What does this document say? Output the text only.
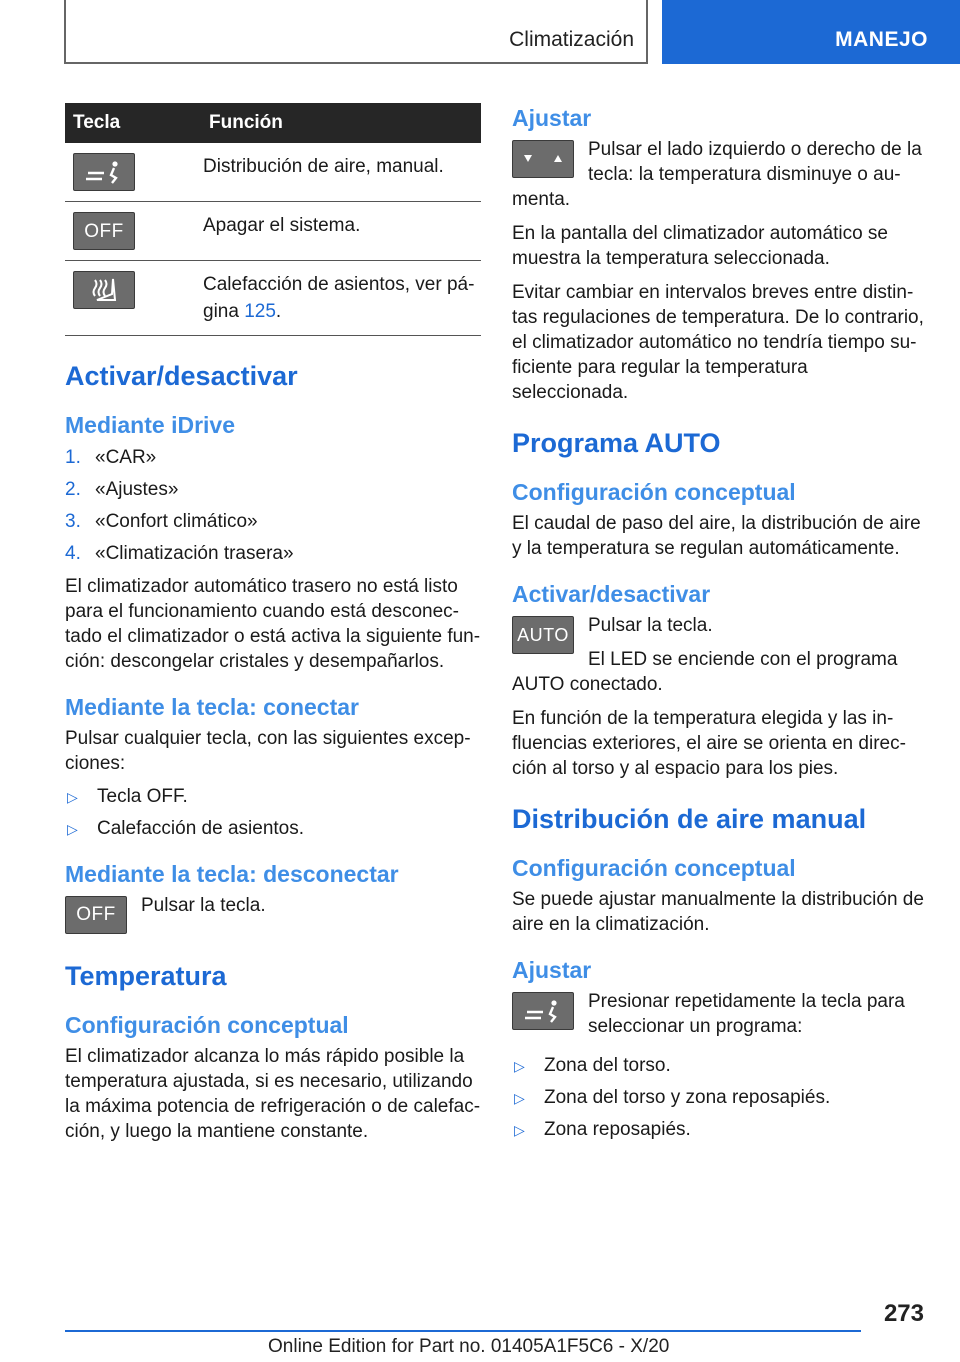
Climatización	MANEJO
Tecla	Función

	Distribución de aire, manual.

OFF	Apagar el sistema.

	Calefacción de asientos, ver pá‐gina 125.
Activar/desactivar
Mediante iDrive
1. «CAR»
2. «Ajustes»
3. «Confort climático»
4. «Climatización trasera»

El climatizador automático trasero no está listo para el funcionamiento cuando está desconec‐tado el climatizador o está activa la siguiente fun‐ción: descongelar cristales y desempañarlos.

Mediante la tecla: conectar

Pulsar cualquier tecla, con las siguientes excep‐ciones:

▷	Tecla OFF.
▷	Calefacción de asientos.
Mediante la tecla: desconectar
OFF	Pulsar la tecla.

Temperatura
Configuración conceptual

El climatizador alcanza lo más rápido posible la temperatura ajustada, si es necesario, utilizando la máxima potencia de refrigeración o de calefac‐ción, y luego la mantiene constante.

Ajustar

Pulsar el lado izquierdo o derecho de la tecla: la temperatura disminuye o au‐menta.

En la pantalla del climatizador automático se muestra la temperatura seleccionada.

Evitar cambiar en intervalos breves entre distin‐tas regulaciones de temperatura. De lo contrario, el climatizador automático no tendría tiempo su‐ficiente para regular la temperatura seleccionada.

Programa AUTO
Configuración conceptual

El caudal de paso del aire, la distribución de aire y la temperatura se regulan automáticamente.

Activar/desactivar
AUTO	Pulsar la tecla.

El LED se enciende con el programa AUTO conectado.

En función de la temperatura elegida y las in‐fluencias exteriores, el aire se orienta en direc‐ción al torso y al espacio para los pies.

Distribución de aire manual
Configuración conceptual

Se puede ajustar manualmente la distribución de aire en la climatización.

Ajustar

Presionar repetidamente la tecla para seleccionar un programa:

▷	Zona del torso.
▷	Zona del torso y zona reposapiés.
▷	Zona reposapiés.
273
Online Edition for Part no. 01405A1F5C6 - X/20
